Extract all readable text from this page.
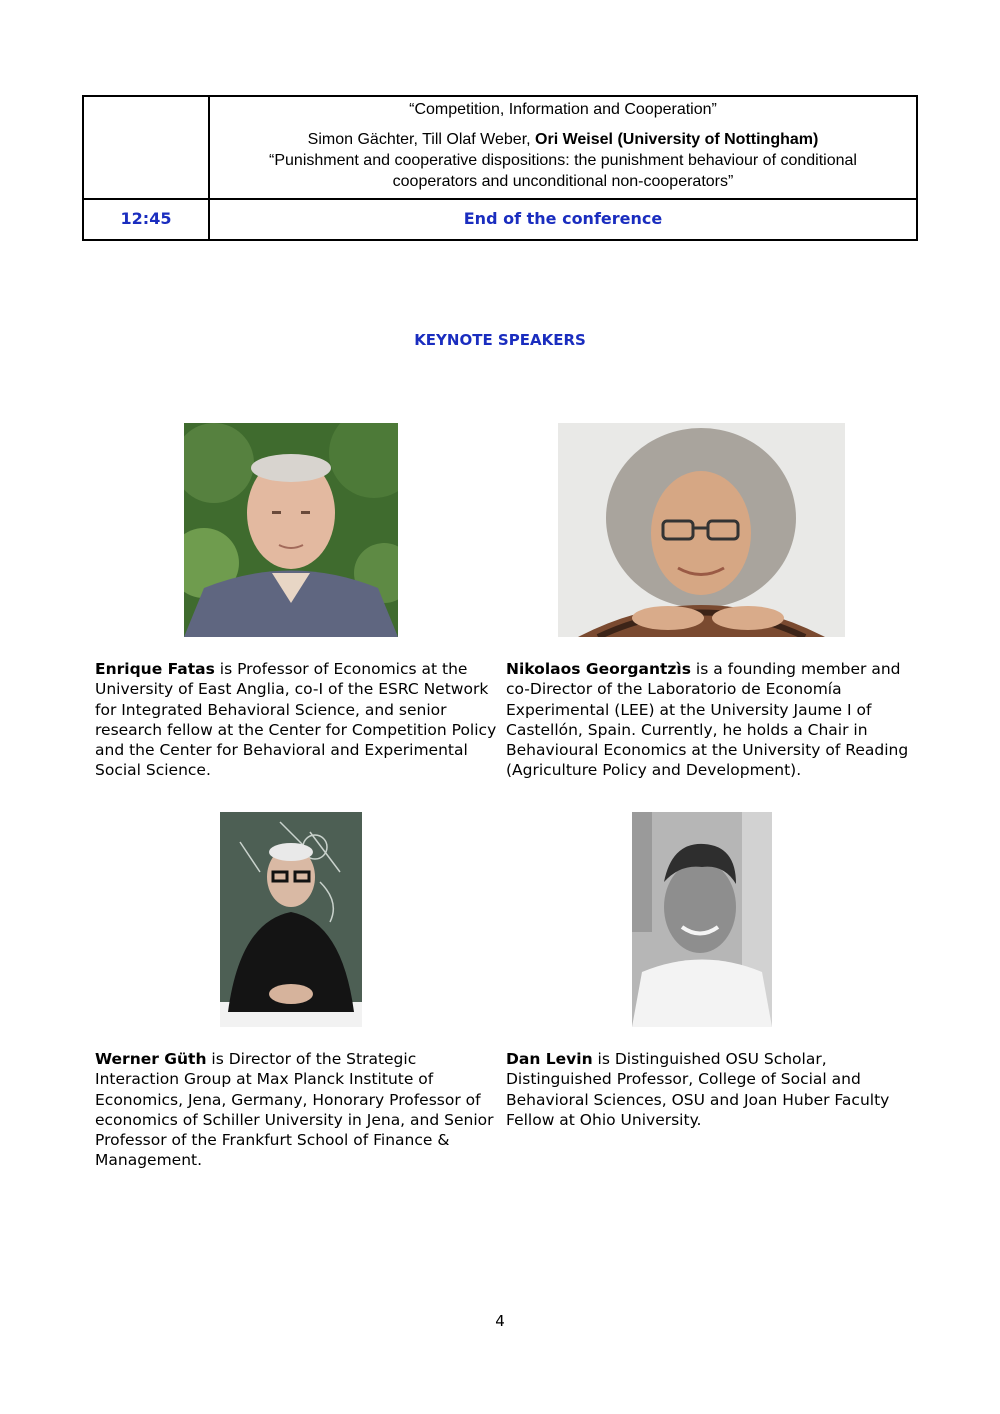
“Competition, Information and Cooperation”
Simon Gächter, Till Olaf Weber, Ori Weisel (University of Nottingham)
“Punishment and cooperative dispositions: the punishment behaviour of conditional
cooperators and unconditional non-cooperators”
12:45	End of the conference
KEYNOTE SPEAKERS
Enrique Fatas is Professor of Economics at the
University of East Anglia, co-I of the ESRC Network
for Integrated Behavioral Science, and senior
research fellow at the Center for Competition Policy
and the Center for Behavioral and Experimental
Social Science.
Nikolaos Georgantzìs is a founding member and
co-Director of the Laboratorio de Economía
Experimental (LEE) at the University Jaume I of
Castellón, Spain. Currently, he holds a Chair in
Behavioural Economics at the University of Reading
(Agriculture Policy and Development).
Werner Güth is Director of the Strategic
Interaction Group at Max Planck Institute of
Economics, Jena, Germany, Honorary Professor of
economics of Schiller University in Jena, and Senior
Professor of the Frankfurt School of Finance &
Management.
Dan Levin is Distinguished OSU Scholar,
Distinguished Professor, College of Social and
Behavioral Sciences, OSU and Joan Huber Faculty
Fellow at Ohio University.
4
